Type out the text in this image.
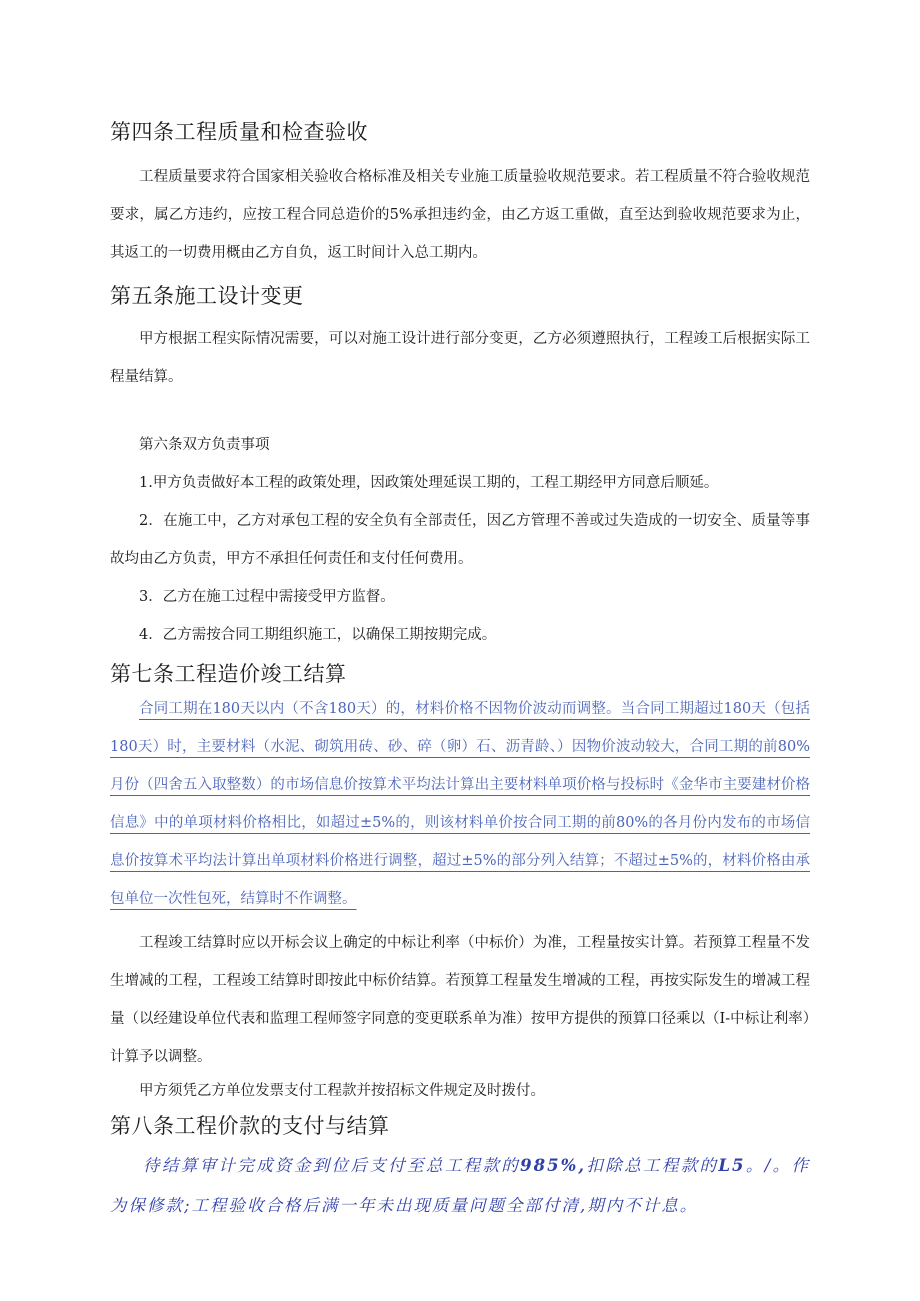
第四条工程质量和检查验收

工程质量要求符合国家相关验收合格标准及相关专业施工质量验收规范要求。若工程质量不符合验收规范要求，属乙方违约，应按工程合同总造价的5%承担违约金，由乙方返工重做，直至达到验收规范要求为止，其返工的一切费用概由乙方自负，返工时间计入总工期内。

第五条施工设计变更

甲方根据工程实际情况需要，可以对施工设计进行部分变更，乙方必须遵照执行，工程竣工后根据实际工程量结算。

第六条双方负责事项

1.甲方负责做好本工程的政策处理，因政策处理延误工期的，工程工期经甲方同意后顺延。

2．在施工中，乙方对承包工程的安全负有全部责任，因乙方管理不善或过失造成的一切安全、质量等事故均由乙方负责，甲方不承担任何责任和支付任何费用。

3．乙方在施工过程中需接受甲方监督。

4．乙方需按合同工期组织施工，以确保工期按期完成。

第七条工程造价竣工结算

合同工期在180天以内（不含180天）的，材料价格不因物价波动而调整。当合同工期超过180天（包括180天）时，主要材料（水泥、砌筑用砖、砂、碎（卵）石、沥青龄、）因物价波动较大，合同工期的前80%月份（四舍五入取整数）的市场信息价按算术平均法计算出主要材料单项价格与投标时《金华市主要建材价格信息》中的单项材料价格相比，如超过±5%的，则该材料单价按合同工期的前80%的各月份内发布的市场信息价按算术平均法计算出单项材料价格进行调整，超过±5%的部分列入结算；不超过±5%的，材料价格由承包单位一次性包死，结算时不作调整。

工程竣工结算时应以开标会议上确定的中标让利率（中标价）为准，工程量按实计算。若预算工程量不发生增减的工程，工程竣工结算时即按此中标价结算。若预算工程量发生增减的工程，再按实际发生的增减工程量（以经建设单位代表和监理工程师签字同意的变更联系单为准）按甲方提供的预算口径乘以（I-中标让利率）计算予以调整。

甲方须凭乙方单位发票支付工程款并按招标文件规定及时拨付。

第八条工程价款的支付与结算

待结算审计完成资金到位后支付至总工程款的985%,扣除总工程款的L5。/。作为保修款;工程验收合格后满一年未出现质量问题全部付清,期内不计息。
